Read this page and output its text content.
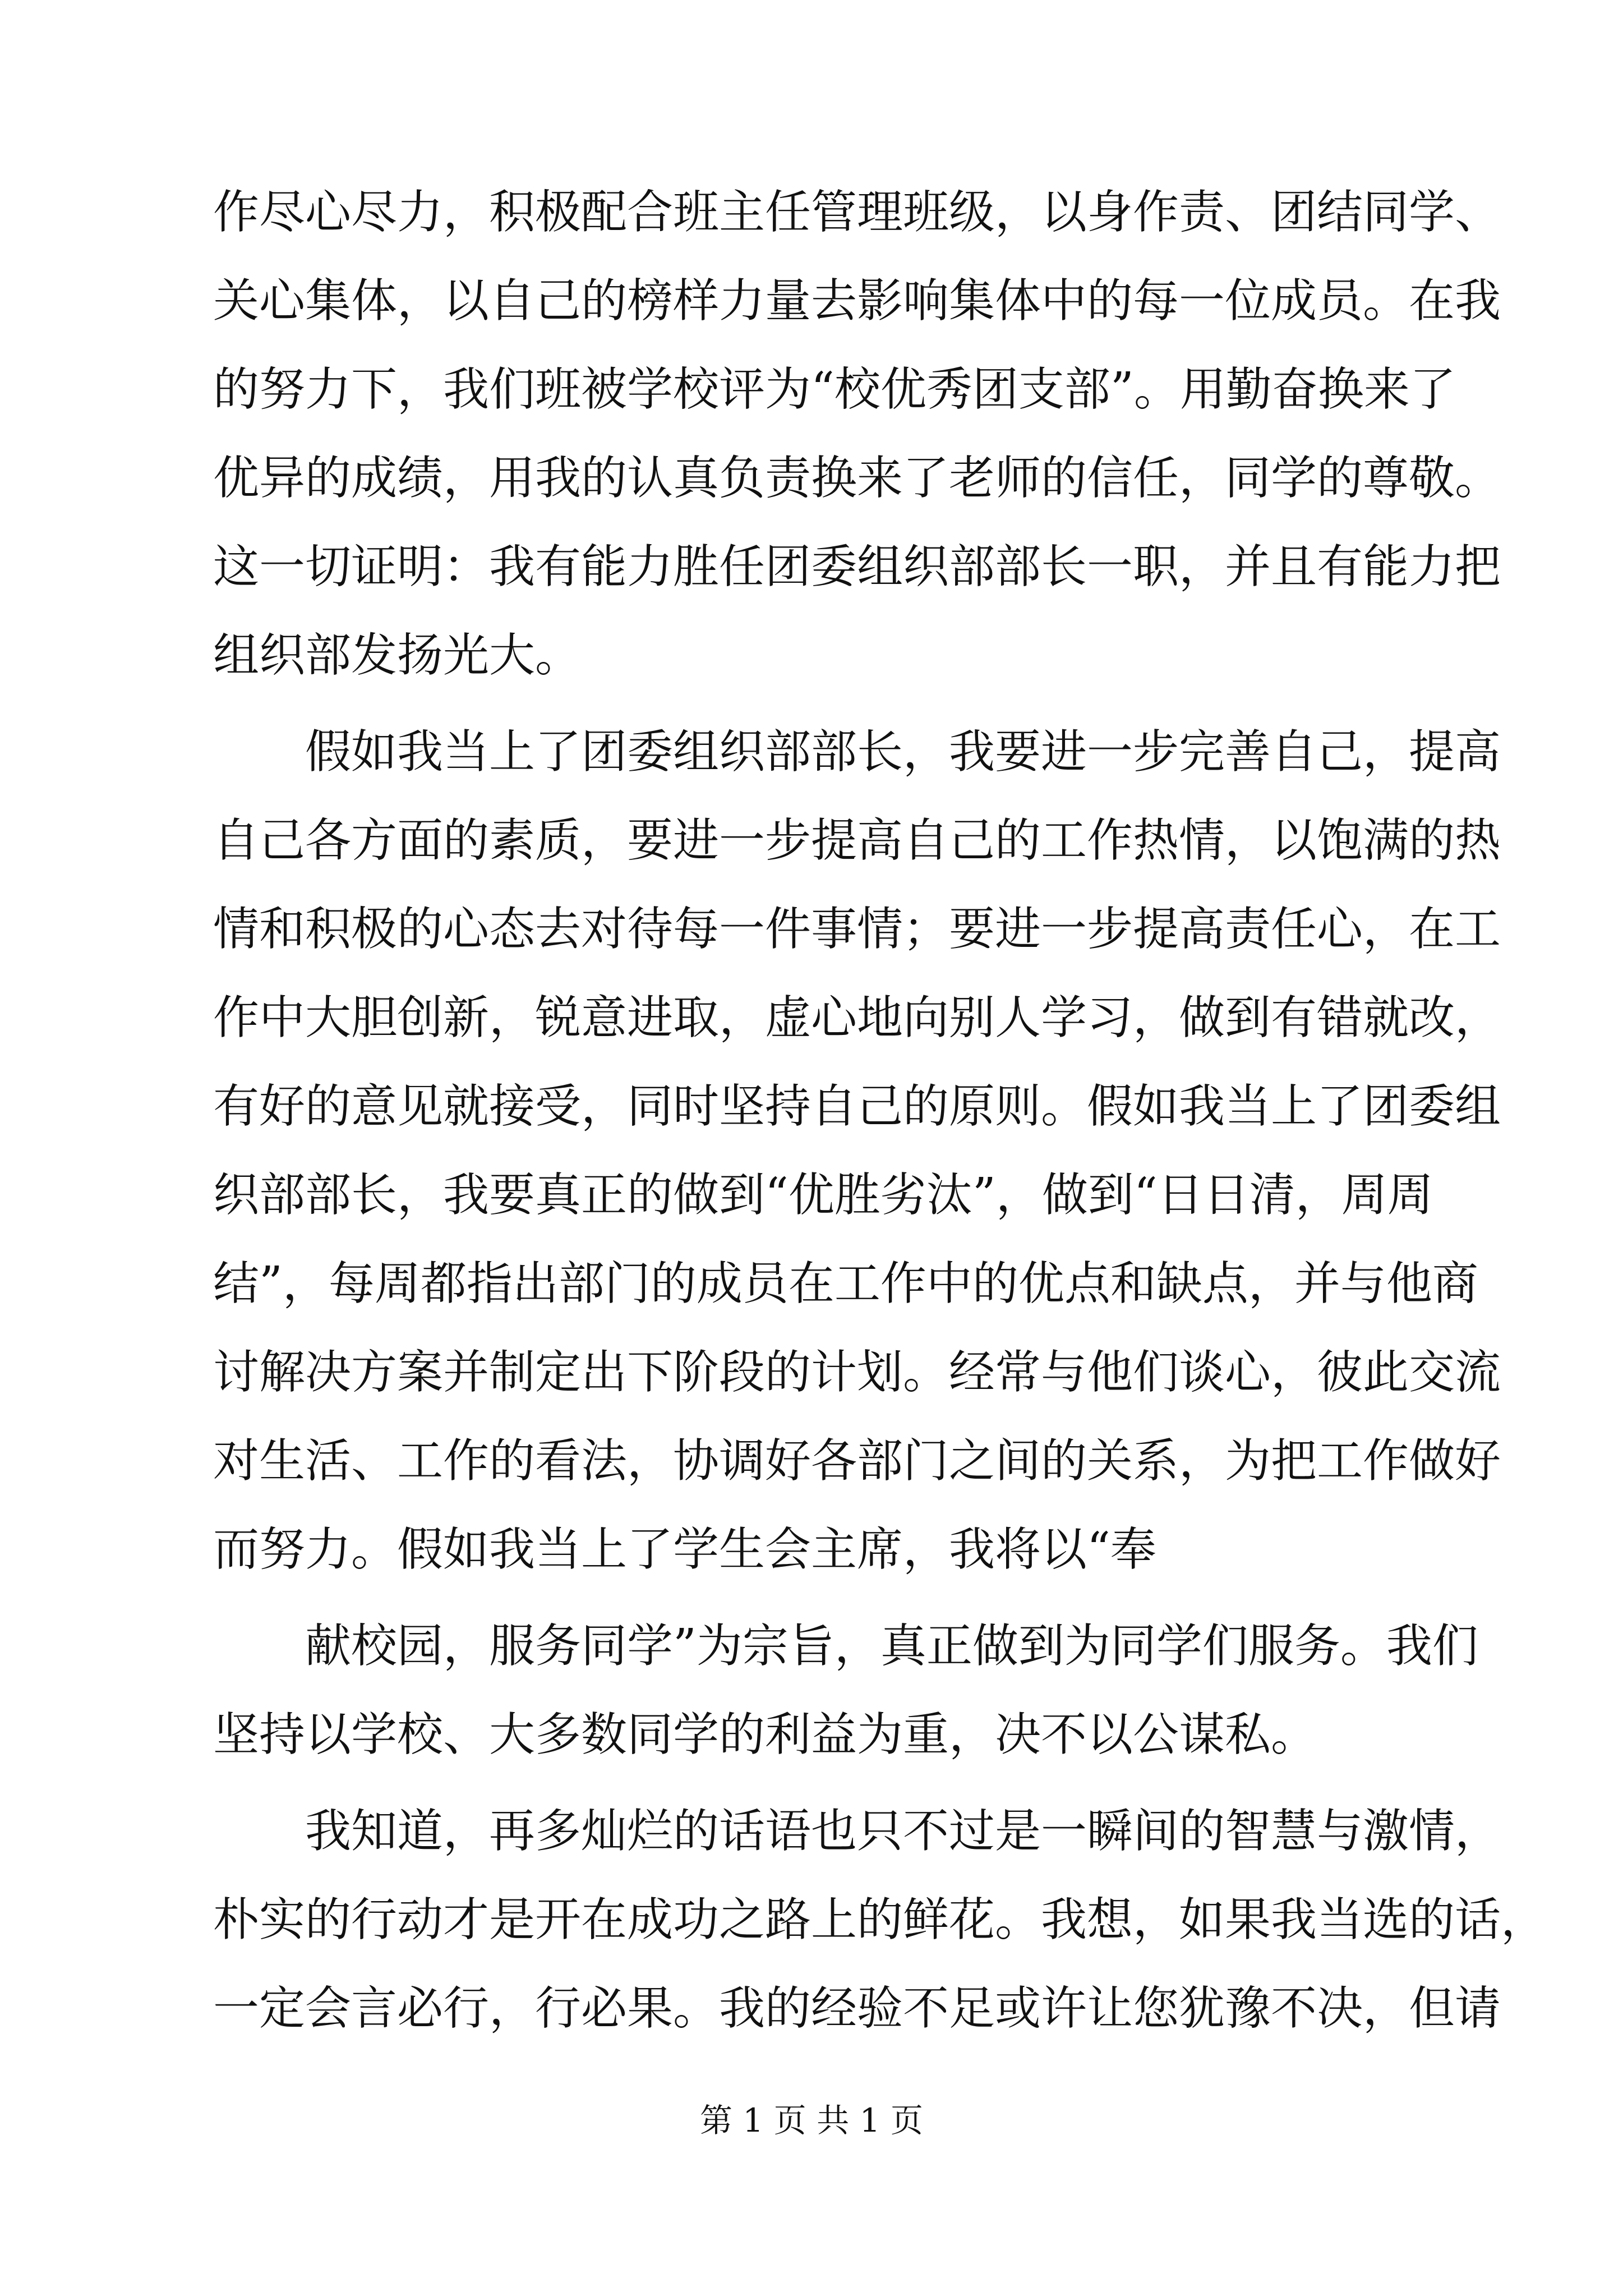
作尽心尽力，积极配合班主任管理班级，以身作责、团结同学、
关心集体，以自己的榜样力量去影响集体中的每一位成员。在我
的努力下，我们班被学校评为“校优秀团支部”。用勤奋换来了
优异的成绩，用我的认真负责换来了老师的信任，同学的尊敬。
这一切证明：我有能力胜任团委组织部部长一职，并且有能力把
组织部发扬光大。
假如我当上了团委组织部部长，我要进一步完善自己，提高
自己各方面的素质，要进一步提高自己的工作热情，以饱满的热
情和积极的心态去对待每一件事情；要进一步提高责任心，在工
作中大胆创新，锐意进取，虚心地向别人学习，做到有错就改，
有好的意见就接受，同时坚持自己的原则。假如我当上了团委组
织部部长，我要真正的做到“优胜劣汰”，做到“日日清，周周
结”，每周都指出部门的成员在工作中的优点和缺点，并与他商
讨解决方案并制定出下阶段的计划。经常与他们谈心，彼此交流
对生活、工作的看法，协调好各部门之间的关系，为把工作做好
而努力。假如我当上了学生会主席，我将以“奉
献校园，服务同学”为宗旨，真正做到为同学们服务。我们
坚持以学校、大多数同学的利益为重，决不以公谋私。
我知道，再多灿烂的话语也只不过是一瞬间的智慧与激情，
朴实的行动才是开在成功之路上的鲜花。我想，如果我当选的话，
一定会言必行，行必果。我的经验不足或许让您犹豫不决，但请
第 1 页 共 1 页
